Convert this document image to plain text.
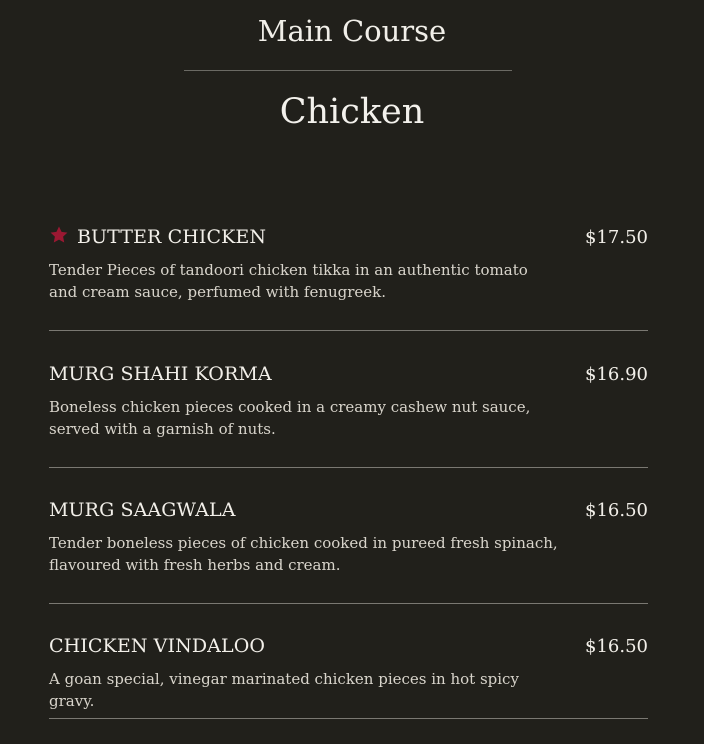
Main Course
Chicken
BUTTER CHICKEN	$17.50
Tender Pieces of tandoori chicken tikka in an authentic tomato and cream sauce, perfumed with fenugreek.
MURG SHAHI KORMA	$16.90
Boneless chicken pieces cooked in a creamy cashew nut sauce, served with a garnish of nuts.
MURG SAAGWALA	$16.50
Tender boneless pieces of chicken cooked in pureed fresh spinach, flavoured with fresh herbs and cream.
CHICKEN VINDALOO	$16.50
A goan special, vinegar marinated chicken pieces in hot spicy gravy.
